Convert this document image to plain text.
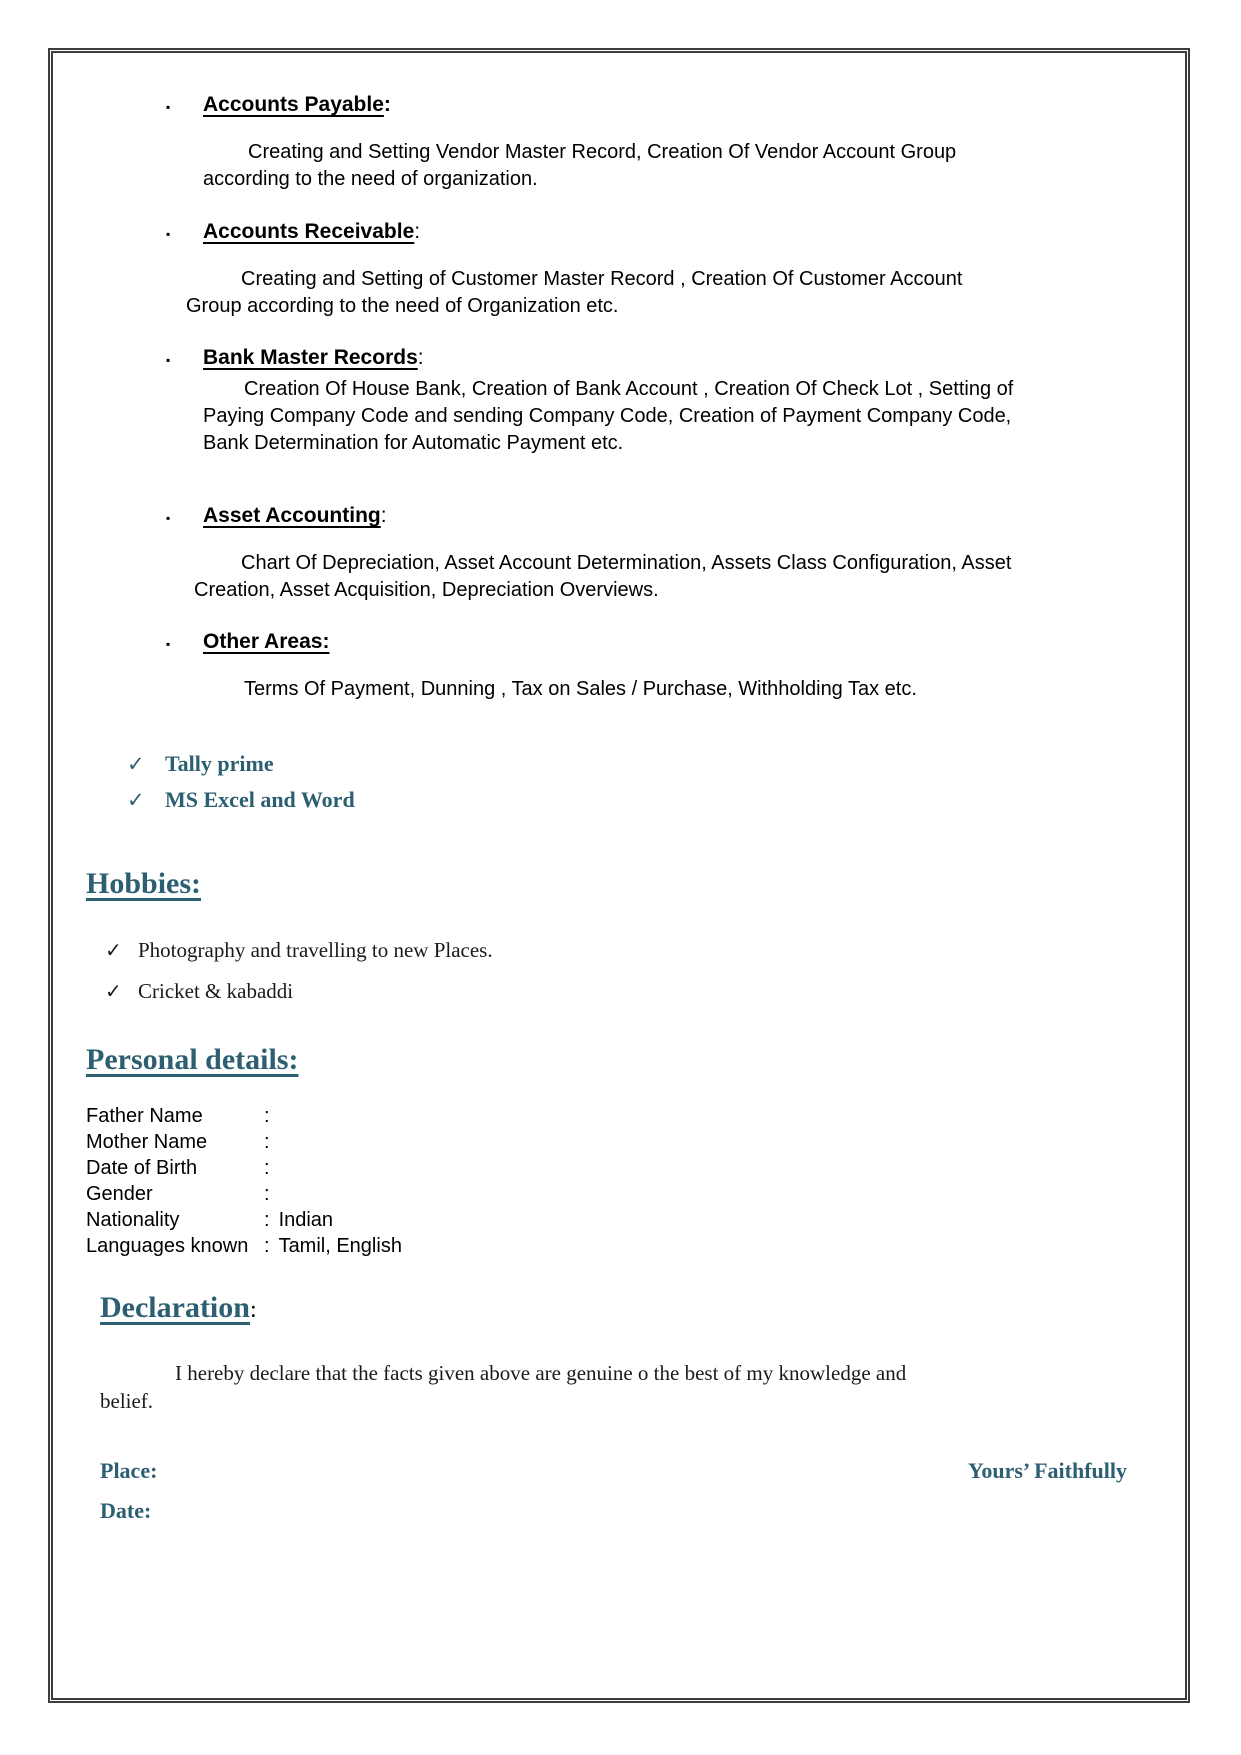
▪	Accounts Payable :

Creating and Setting Vendor Master Record, Creation Of Vendor Account Group
according to the need of organization.

▪	Accounts Receivable :

Creating and Setting of Customer Master Record , Creation Of Customer Account
Group according to the need of Organization etc.

▪	Bank Master Records :

Creation Of House Bank, Creation of Bank Account , Creation Of Check Lot , Setting of
Paying Company Code and sending Company Code, Creation of Payment Company Code,
Bank Determination for Automatic Payment etc.

▪	Asset Accounting :

Chart Of Depreciation, Asset Account Determination, Assets Class Configuration, Asset
Creation, Asset Acquisition, Depreciation Overviews.

▪	Other Areas :

Terms Of Payment, Dunning , Tax on Sales / Purchase, Withholding Tax etc.

✓ Tally prime
✓ MS Excel and Word
Hobbies:
✓ Photography and travelling to new Places.
✓ Cricket & kabaddi
Personal details:
Father Name	:
Mother Name	:
Date of Birth	:
Gender	:
Nationality	: Indian
Languages known : Tamil, English
Declaration:

I hereby declare that the facts given above are genuine o the best of my knowledge and
belief.

Place:	Yours’ Faithfully
Date:
